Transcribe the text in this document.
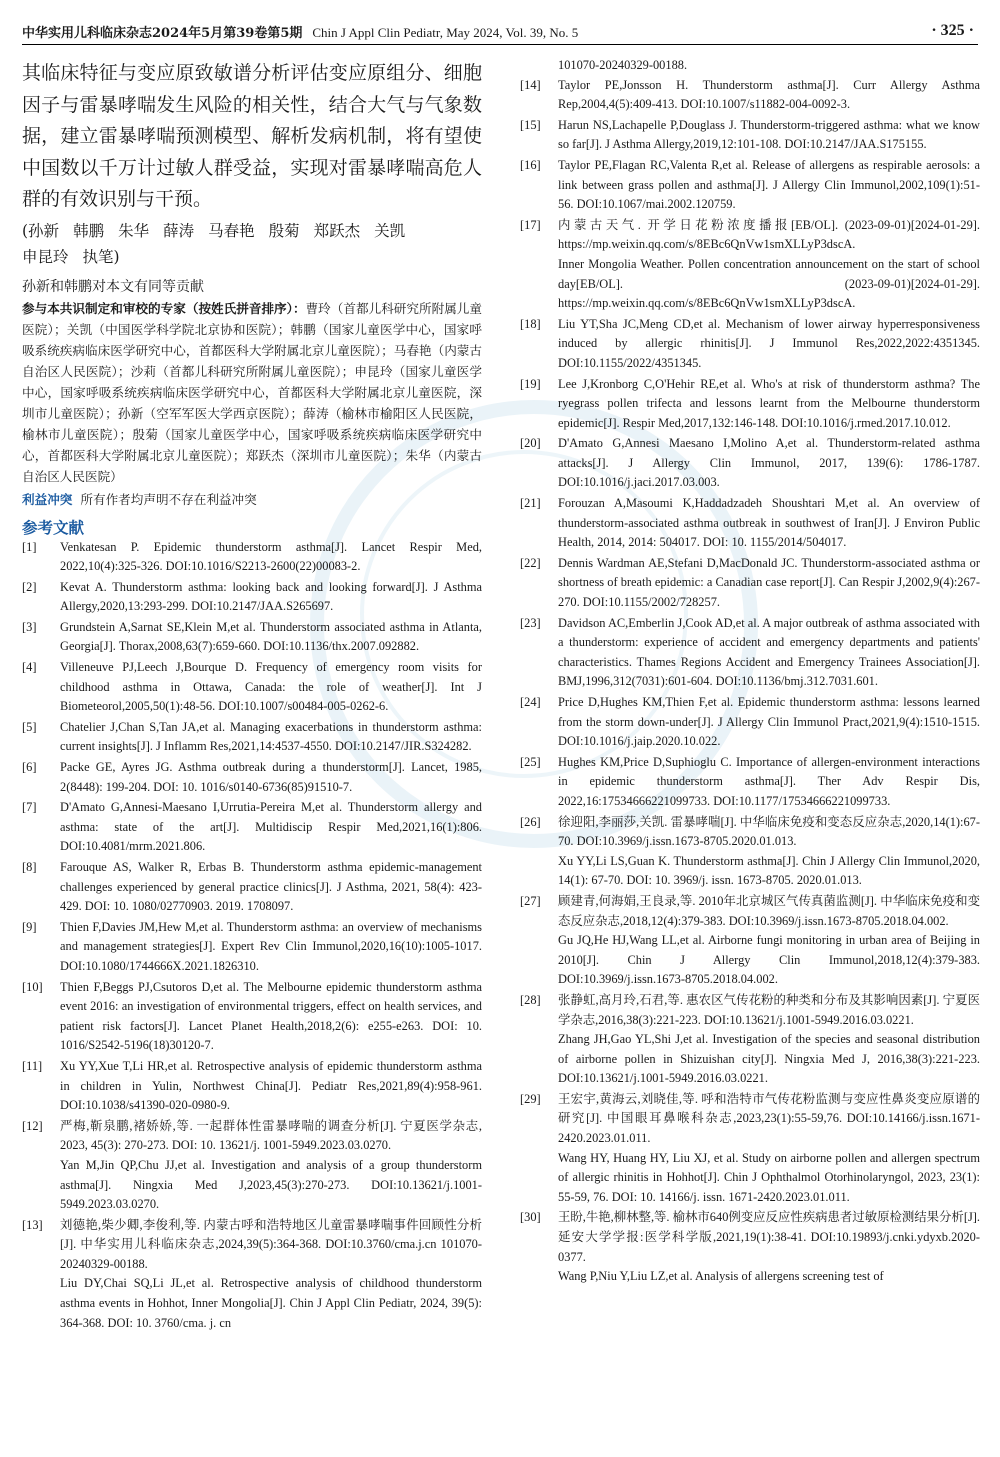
中华实用儿科临床杂志2024年5月第39卷第5期 Chin J Appl Clin Pediatr, May 2024, Vol. 39, No. 5	· 325 ·

其临床特征与变应原致敏谱分析评估变应原组分、细胞因子与雷暴哮喘发生风险的相关性，结合大气与气象数据，建立雷暴哮喘预测模型、解析发病机制，将有望使中国数以千万计过敏人群受益，实现对雷暴哮喘高危人群的有效识别与干预。

(孙新 韩鹏 朱华 薛涛 马春艳 殷菊 郑跃杰 关凯
申昆玲 执笔)
孙新和韩鹏对本文有同等贡献
参与本共识制定和审校的专家（按姓氏拼音排序）：曹玲（首都儿科研究所附属儿童医院）；关凯（中国医学科学院北京协和医院）；韩鹏（国家儿童医学中心，国家呼吸系统疾病临床医学研究中心，首都医科大学附属北京儿童医院）；马春艳（内蒙古自治区人民医院）；沙莉（首都儿科研究所附属儿童医院）；申昆玲（国家儿童医学中心，国家呼吸系统疾病临床医学研究中心，首都医科大学附属北京儿童医院，深圳市儿童医院）；孙新（空军军医大学西京医院）；薛涛（榆林市榆阳区人民医院，榆林市儿童医院）；殷菊（国家儿童医学中心，国家呼吸系统疾病临床医学研究中心，首都医科大学附属北京儿童医院）；郑跃杰（深圳市儿童医院）；朱华（内蒙古自治区人民医院）
利益冲突 所有作者均声明不存在利益冲突
参考文献
[1]	Venkatesan P. Epidemic thunderstorm asthma[J]. Lancet Respir Med, 2022,10(4):325-326. DOI:10.1016/S2213-2600(22)00083-2.
[2]	Kevat A. Thunderstorm asthma: looking back and looking forward[J]. J Asthma Allergy,2020,13:293-299. DOI:10.2147/JAA.S265697.
[3]	Grundstein A,Sarnat SE,Klein M,et al. Thunderstorm associated asthma in Atlanta, Georgia[J]. Thorax,2008,63(7):659-660. DOI:10.1136/thx.2007.092882.
[4]	Villeneuve PJ,Leech J,Bourque D. Frequency of emergency room visits for childhood asthma in Ottawa, Canada: the role of weather[J]. Int J Biometeorol,2005,50(1):48-56. DOI:10.1007/s00484-005-0262-6.
[5]	Chatelier J,Chan S,Tan JA,et al. Managing exacerbations in thunderstorm asthma: current insights[J]. J Inflamm Res,2021,14:4537-4550. DOI:10.2147/JIR.S324282.
[6]	Packe GE, Ayres JG. Asthma outbreak during a thunderstorm[J]. Lancet, 1985, 2(8448): 199-204. DOI: 10. 1016/s0140-6736(85)91510-7.
[7]	D'Amato G,Annesi-Maesano I,Urrutia-Pereira M,et al. Thunderstorm allergy and asthma: state of the art[J]. Multidiscip Respir Med,2021,16(1):806. DOI:10.4081/mrm.2021.806.
[8]	Farouque AS, Walker R, Erbas B. Thunderstorm asthma epidemic-management challenges experienced by general practice clinics[J]. J Asthma, 2021, 58(4): 423-429. DOI: 10. 1080/02770903. 2019. 1708097.
[9]	Thien F,Davies JM,Hew M,et al. Thunderstorm asthma: an overview of mechanisms and management strategies[J]. Expert Rev Clin Immunol,2020,16(10):1005-1017. DOI:10.1080/1744666X.2021.1826310.
[10]	Thien F,Beggs PJ,Csutoros D,et al. The Melbourne epidemic thunderstorm asthma event 2016: an investigation of environmental triggers, effect on health services, and patient risk factors[J]. Lancet Planet Health,2018,2(6): e255-e263. DOI: 10. 1016/S2542-5196(18)30120-7.
[11]	Xu YY,Xue T,Li HR,et al. Retrospective analysis of epidemic thunderstorm asthma in children in Yulin, Northwest China[J]. Pediatr Res,2021,89(4):958-961. DOI:10.1038/s41390-020-0980-9.
[12]	严梅,靳泉鹏,褚娇娇,等. 一起群体性雷暴哮喘的调查分析[J]. 宁夏医学杂志, 2023, 45(3): 270-273. DOI: 10. 13621/j. 1001-5949.2023.03.0270.
Yan M,Jin QP,Chu JJ,et al. Investigation and analysis of a group thunderstorm asthma[J]. Ningxia Med J,2023,45(3):270-273. DOI:10.13621/j.1001-5949.2023.03.0270.
[13]	刘德艳,柴少卿,李俊利,等. 内蒙古呼和浩特地区儿童雷暴哮喘事件回顾性分析[J]. 中华实用儿科临床杂志,2024,39(5):364-368. DOI:10.3760/cma.j.cn 101070-20240329-00188.
Liu DY,Chai SQ,Li JL,et al. Retrospective analysis of childhood thunderstorm asthma events in Hohhot, Inner Mongolia[J]. Chin J Appl Clin Pediatr, 2024, 39(5): 364-368. DOI: 10. 3760/cma. j. cn
101070-20240329-00188.
[14]	Taylor PE,Jonsson H. Thunderstorm asthma[J]. Curr Allergy Asthma Rep,2004,4(5):409-413. DOI:10.1007/s11882-004-0092-3.
[15]	Harun NS,Lachapelle P,Douglass J. Thunderstorm-triggered asthma: what we know so far[J]. J Asthma Allergy,2019,12:101-108. DOI:10.2147/JAA.S175155.
[16]	Taylor PE,Flagan RC,Valenta R,et al. Release of allergens as respirable aerosols: a link between grass pollen and asthma[J]. J Allergy Clin Immunol,2002,109(1):51-56. DOI:10.1067/mai.2002.120759.
[17]	内蒙古天气. 开学日花粉浓度播报[EB/OL]. (2023-09-01)[2024-01-29]. https://mp.weixin.qq.com/s/8EBc6QnVw1smXLLyP3dscA.
Inner Mongolia Weather. Pollen concentration announcement on the start of school day[EB/OL]. (2023-09-01)[2024-01-29]. https://mp.weixin.qq.com/s/8EBc6QnVw1smXLLyP3dscA.
[18]	Liu YT,Sha JC,Meng CD,et al. Mechanism of lower airway hyperresponsiveness induced by allergic rhinitis[J]. J Immunol Res,2022,2022:4351345. DOI:10.1155/2022/4351345.
[19]	Lee J,Kronborg C,O'Hehir RE,et al. Who's at risk of thunderstorm asthma? The ryegrass pollen trifecta and lessons learnt from the Melbourne thunderstorm epidemic[J]. Respir Med,2017,132:146-148. DOI:10.1016/j.rmed.2017.10.012.
[20]	D'Amato G,Annesi Maesano I,Molino A,et al. Thunderstorm-related asthma attacks[J]. J Allergy Clin Immunol, 2017, 139(6): 1786-1787. DOI:10.1016/j.jaci.2017.03.003.
[21]	Forouzan A,Masoumi K,Haddadzadeh Shoushtari M,et al. An overview of thunderstorm-associated asthma outbreak in southwest of Iran[J]. J Environ Public Health, 2014, 2014: 504017. DOI: 10. 1155/2014/504017.
[22]	Dennis Wardman AE,Stefani D,MacDonald JC. Thunderstorm-associated asthma or shortness of breath epidemic: a Canadian case report[J]. Can Respir J,2002,9(4):267-270. DOI:10.1155/2002/728257.
[23]	Davidson AC,Emberlin J,Cook AD,et al. A major outbreak of asthma associated with a thunderstorm: experience of accident and emergency departments and patients' characteristics. Thames Regions Accident and Emergency Trainees Association[J]. BMJ,1996,312(7031):601-604. DOI:10.1136/bmj.312.7031.601.
[24]	Price D,Hughes KM,Thien F,et al. Epidemic thunderstorm asthma: lessons learned from the storm down-under[J]. J Allergy Clin Immunol Pract,2021,9(4):1510-1515. DOI:10.1016/j.jaip.2020.10.022.
[25]	Hughes KM,Price D,Suphioglu C. Importance of allergen-environment interactions in epidemic thunderstorm asthma[J]. Ther Adv Respir Dis, 2022,16:17534666221099733. DOI:10.1177/17534666221099733.
[26]	徐迎阳,李丽莎,关凯. 雷暴哮喘[J]. 中华临床免疫和变态反应杂志,2020,14(1):67-70. DOI:10.3969/j.issn.1673-8705.2020.01.013.
Xu YY,Li LS,Guan K. Thunderstorm asthma[J]. Chin J Allergy Clin Immunol,2020, 14(1): 67-70. DOI: 10. 3969/j. issn. 1673-8705. 2020.01.013.
[27]	顾建青,何海娟,王良录,等. 2010年北京城区气传真菌监测[J]. 中华临床免疫和变态反应杂志,2018,12(4):379-383. DOI:10.3969/j.issn.1673-8705.2018.04.002.
Gu JQ,He HJ,Wang LL,et al. Airborne fungi monitoring in urban area of Beijing in 2010[J]. Chin J Allergy Clin Immunol,2018,12(4):379-383. DOI:10.3969/j.issn.1673-8705.2018.04.002.
[28]	张静虹,高月玲,石君,等. 惠农区气传花粉的种类和分布及其影响因素[J]. 宁夏医学杂志,2016,38(3):221-223. DOI:10.13621/j.1001-5949.2016.03.0221.
Zhang JH,Gao YL,Shi J,et al. Investigation of the species and seasonal distribution of airborne pollen in Shizuishan city[J]. Ningxia Med J, 2016,38(3):221-223. DOI:10.13621/j.1001-5949.2016.03.0221.
[29]	王宏宇,黄海云,刘晓佳,等. 呼和浩特市气传花粉监测与变应性鼻炎变应原谱的研究[J]. 中国眼耳鼻喉科杂志,2023,23(1):55-59,76. DOI:10.14166/j.issn.1671-2420.2023.01.011.
Wang HY, Huang HY, Liu XJ, et al. Study on airborne pollen and allergen spectrum of allergic rhinitis in Hohhot[J]. Chin J Ophthalmol Otorhinolaryngol, 2023, 23(1): 55-59, 76. DOI: 10. 14166/j. issn. 1671-2420.2023.01.011.
[30]	王盼,牛艳,柳林整,等. 榆林市640例变应反应性疾病患者过敏原检测结果分析[J]. 延安大学学报:医学科学版,2021,19(1):38-41. DOI:10.19893/j.cnki.ydyxb.2020-0377.
Wang P,Niu Y,Liu LZ,et al. Analysis of allergens screening test of
